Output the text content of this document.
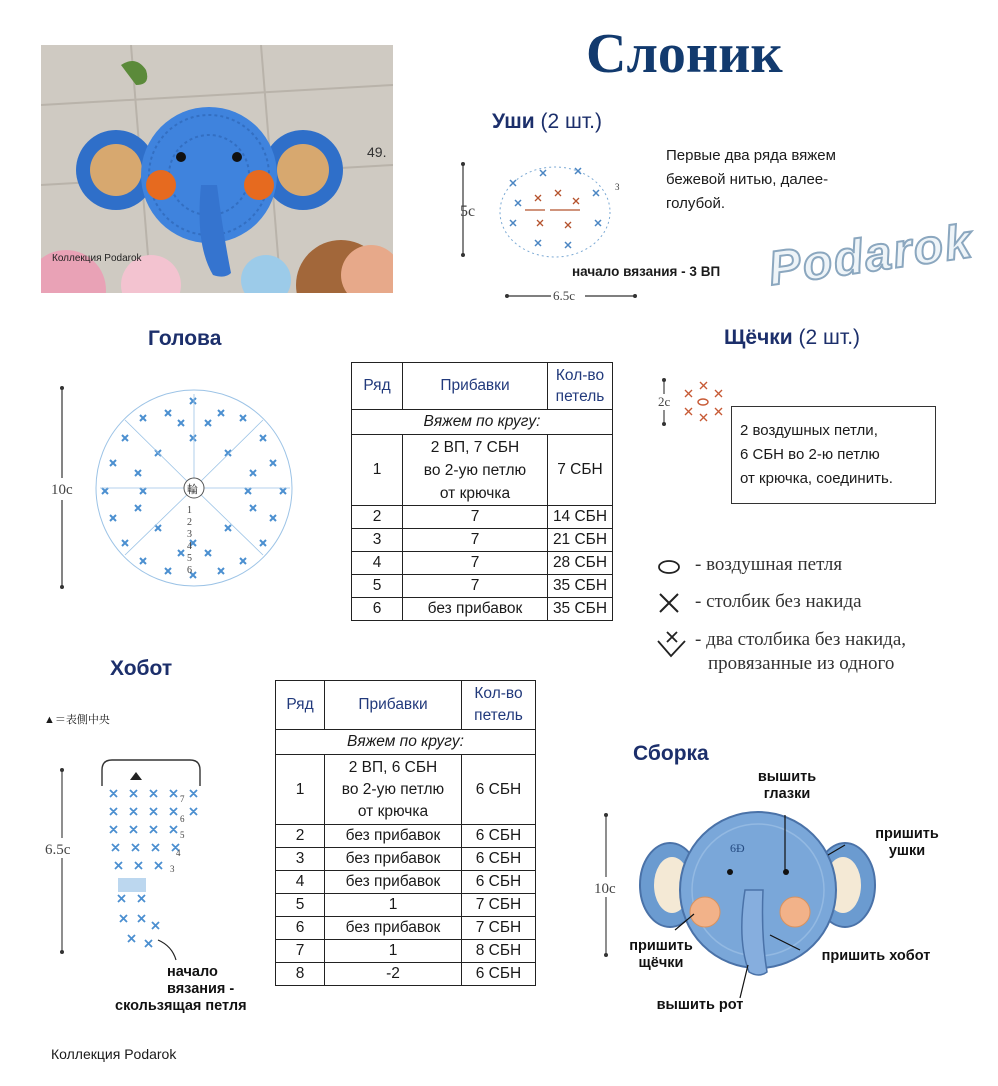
49.
Коллекция Podarok
Слоник
Уши (2 шт.)
Первые два ряда вяжем
бежевой нитью, далее-
голубой.
3
5c
6.5c
начало вязания - 3 ВП Podarok
Голова
10c	輪
1
2
3
4
5
6
Ряд	Прибавки	Кол-во петель
Вяжем по кругу:		
1	2 ВП, 7 СБН
во 2-ую петлю
от крючка	7 СБН
2	7	14 СБН
3	7	21 СБН
4	7	28 СБН
5	7	35 СБН
6	без прибавок	35 СБН
Щёчки (2 шт.)
2c
2 воздушных петли,
6 СБН во 2-ю петлю
от крючка, соединить.
- воздушная петля
- столбик без накида
- два столбика без накида,
провязанные из одного
Хобот
▲＝表側中央
6.5c
7
6
5
4
3
начало
вязания -
скользящая петля
Ряд	Прибавки	Кол-во петель
Вяжем по кругу:		
1	2 ВП, 6 СБН
во 2-ую петлю
от крючка	6 СБН
2	без прибавок	6 СБН
3	без прибавок	6 СБН
4	без прибавок	6 СБН
5	1	7 СБН
6	без прибавок	7 СБН
7	1	8 СБН
8	-2	6 СБН
Сборка
10c
6Ð
вышить
глазки
пришить
ушки
пришить
щёчки	пришить хобот
вышить рот
Коллекция Podarok
